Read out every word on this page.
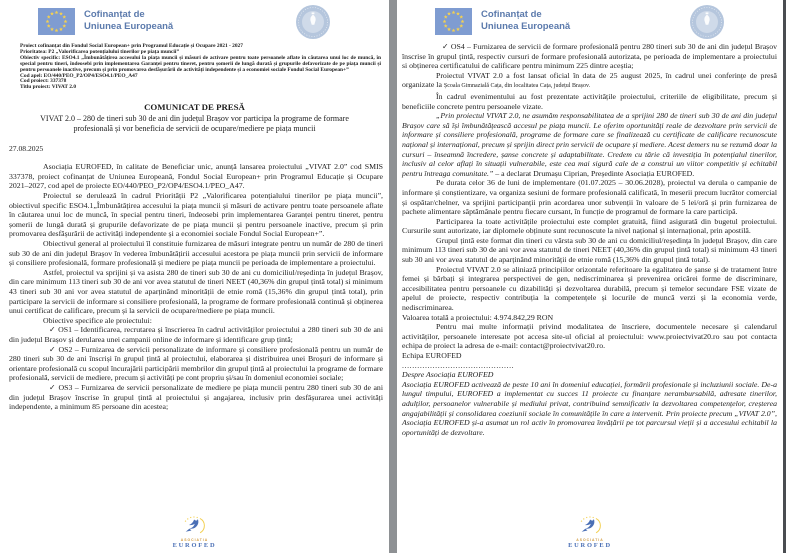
Cofinanțat de
Uniunea Europeană
Proiect cofinanțat din Fondul Social European+ prin Programul Educație și Ocupare 2021 - 2027
Prioritatea: P2 „Valorificarea potențialului tinerilor pe piața muncii”
Obiectiv specific: ESO4.1 „Îmbunătățirea accesului la piața muncii și măsuri de activare pentru toate persoanele aflate în căutarea unui loc de muncă, în special pentru tineri, îndeosebi prin implementarea Garanței pentru tineret, pentru șomerii de lungă durată și grupurile defavorizate de pe piața muncii și pentru persoanele inactive, precum și prin promovarea desfășurării de activități independente și a economiei sociale Fondul Social European+”
Cod apel: EO/440/PEO_P2/OP4/ESO4.1/PEO_A47
Cod proiect: 337378
Titlu proiect: VIVAT 2.0
COMUNICAT DE PRESĂ
VIVAT 2.0 – 280 de tineri sub 30 de ani din județul Brașov vor participa la programe de formare profesională și vor beneficia de servicii de ocupare/mediere pe piața muncii
27.08.2025

Asociația EUROFED, în calitate de Beneficiar unic, anunță lansarea proiectului „VIVAT 2.0” cod SMIS 337378, proiect cofinanțat de Uniunea Europeană, Fondul Social European+ prin Programul Educație și Ocupare 2021–2027, cod apel de proiecte EO/440/PEO_P2/OP4/ESO4.1/PEO_A47.

Proiectul se derulează în cadrul Priorității P2 „Valorificarea potențialului tinerilor pe piața muncii”, obiectivul specific ESO4.1„Îmbunătățirea accesului la piața muncii și măsuri de activare pentru toate persoanele aflate în căutarea unui loc de muncă, în special pentru tineri, îndeosebi prin implementarea Garanței pentru tineret, pentru șomerii de lungă durată și grupurile defavorizate de pe piața muncii și pentru persoanele inactive, precum și prin promovarea desfășurării de activități independente și a economiei sociale Fondul Social European+”.

Obiectivul general al proiectului îl constituie furnizarea de măsuri integrate pentru un număr de 280 de tineri sub 30 de ani din județul Brașov în vederea îmbunătățirii accesului acestora pe piața muncii prin servicii de informare și consiliere profesională, formare profesională și mediere pe piața muncii pe perioada de implementare a proiectului.

Astfel, proiectul va sprijini și va asista 280 de tineri sub 30 de ani cu domiciliul/reședința în județul Brașov, din care minimum 113 tineri sub 30 de ani vor avea statutul de tineri NEET (40,36% din grupul țintă total) si minimum 43 tineri sub 30 ani vor avea statutul de aparținând minorității de etnie romă (15,36% din grupul țintă total), prin participare la servicii de informare si consiliere profesională, la programe de formare profesională continuă și obținerea unui certificat de calificare, precum și la servicii de ocupare/mediere pe piața muncii.

Obiective specifice ale proiectului:

✓ OS1 – Identificarea, recrutarea și înscrierea în cadrul activităților proiectului a 280 tineri sub 30 de ani din județul Brașov și derularea unei campanii online de informare și identificare grup țintă;

✓ OS2 – Furnizarea de servicii personalizate de informare și consiliere profesională pentru un număr de 280 tineri sub 30 de ani înscriși în grupul țintă al proiectului, elaborarea și distribuirea unei Broșuri de informare și orientare profesională cu scopul încurajării participării membrilor din grupul țintă al proiectului la programe de formare profesională, servicii de mediere, precum și activități pe cont propriu și/sau în domeniul economiei sociale;

✓ OS3 – Furnizarea de servicii personalizate de mediere pe piața muncii pentru 280 tineri sub 30 de ani din județul Brașov înscrise în grupul țintă al proiectului și angajarea, inclusiv prin desfășurarea unei activități independente, a minimum 85 persoane din acestea;

ASOCIATIA
EUROFED
Cofinanțat de
Uniunea Europeană

✓ OS4 – Furnizarea de servicii de formare profesională pentru 280 tineri sub 30 de ani din județul Brașov înscrise în grupul țintă, respectiv cursuri de formare profesională autorizata, pe perioada de implementare a proiectului si obținerea certificatului de calificare pentru minimum 225 dintre aceștia;

Proiectul VIVAT 2.0 a fost lansat oficial în data de 25 august 2025, în cadrul unei conferințe de presă organizate la Școala Gimnazială Cața, din localitatea Cața, județul Brașov.

În cadrul evenimentului au fost prezentate activitățile proiectului, criteriile de eligibilitate, precum și beneficiile concrete pentru persoanele vizate.

„Prin proiectul VIVAT 2.0, ne asumăm responsabilitatea de a sprijini 280 de tineri sub 30 de ani din județul Brașov care să își îmbunătățească accesul pe piața muncii. Le oferim oportunități reale de dezvoltare prin servicii de informare și consiliere profesională, programe de formare care se finalizează cu certificate de calificare recunoscute național și internațional, precum și sprijin direct prin servicii de ocupare și mediere. Acest demers nu se rezumă doar la cursuri – înseamnă încredere, șanse concrete și adaptabilitate. Credem cu tărie că investiția în potențialul tinerilor, inclusiv al celor aflați în situații vulnerabile, este cea mai sigură cale de a construi un viitor competitiv și echitabil pentru întreaga comunitate.” – a declarat Drumașu Ciprian, Președinte Asociația EUROFED.

Pe durata celor 36 de luni de implementare (01.07.2025 – 30.06.2028), proiectul va derula o campanie de informare și conștientizare, va organiza sesiuni de formare profesională calificată, în meserii precum lucrător comercial și ospătar/chelner, va sprijini participanții prin acordarea unor subvenții în valoare de 5 lei/oră și prin furnizarea de pachete alimentare săptămânale pentru fiecare cursant, în funcție de programul de formare la care participă.

Participarea la toate activitățile proiectului este complet gratuită, fiind asigurată din bugetul proiectului. Cursurile sunt autorizate, iar diplomele obținute sunt recunoscute la nivel național și internațional, prin apostilă.

Grupul țintă este format din tineri cu vârsta sub 30 de ani cu domiciliul/reședința în județul Brașov, din care minimum 113 tineri sub 30 de ani vor avea statutul de tineri NEET (40,36% din grupul țintă total) si minimum 43 tineri sub 30 ani vor avea statutul de aparținând minorității de etnie romă (15,36% din grupul țintă total).

Proiectul VIVAT 2.0 se aliniază principiilor orizontale referitoare la egalitatea de șanse și de tratament între femei și bărbați și integrarea perspectivei de gen, nediscriminarea și prevenirea oricărei forme de discriminare, accesibilitatea pentru persoanele cu dizabilități și dezvoltarea durabilă, precum și temelor secundare FSE vizate de apelul de proiecte, respectiv contribuția la competențele și locurile de muncă verzi și la economia verde, nediscriminarea.

Valoarea totală a proiectului: 4.974.842,29 RON

Pentru mai multe informații privind modalitatea de înscriere, documentele necesare și calendarul activităților, persoanele interesate pot accesa site-ul oficial al proiectului: www.proiectvivat20.ro sau pot contacta echipa de proiect la adresa de e-mail: contact@proiectvivat20.ro.

Echipa EUROFED

............................................

Despre Asociația EUROFED

Asociația EUROFED activează de peste 10 ani în domeniul educației, formării profesionale și incluziunii sociale. De-a lungul timpului, EUROFED a implementat cu succes 11 proiecte cu finanțare nerambursabilă, adresate tinerilor, adulților, persoanelor vulnerabile și mediului privat, contribuind semnificativ la dezvoltarea competențelor, creșterea angajabilității și consolidarea coeziunii sociale în comunitățile în care a intervenit. Prin proiecte precum „VIVAT 2.0”, Asociația EUROFED și-a asumat un rol activ în promovarea învățării pe tot parcursul vieții și a accesului echitabil la oportunități de dezvoltare.

ASOCIATIA
EUROFED
